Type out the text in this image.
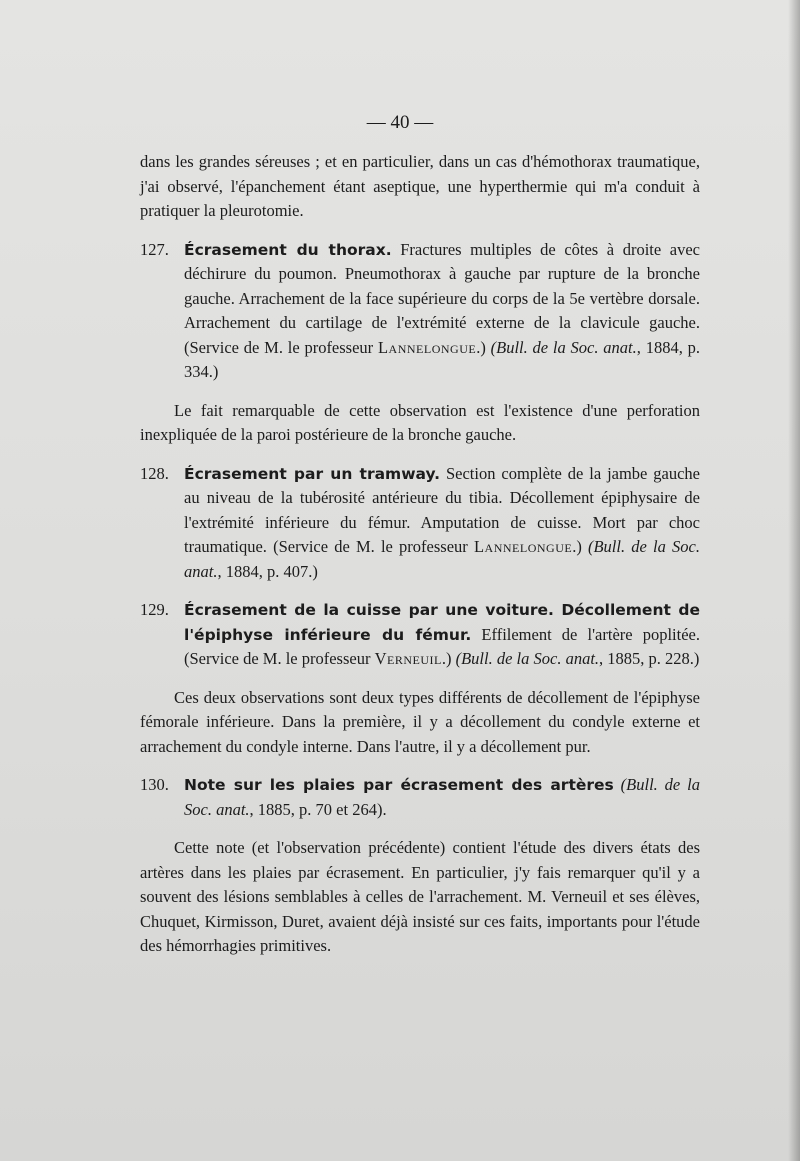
— 40 —

dans les grandes séreuses ; et en particulier, dans un cas d'hémothorax traumatique, j'ai observé, l'épanchement étant aseptique, une hyperthermie qui m'a conduit à pratiquer la pleurotomie.

127. Écrasement du thorax. Fractures multiples de côtes à droite avec déchirure du poumon. Pneumothorax à gauche par rupture de la bronche gauche. Arrachement de la face supérieure du corps de la 5e vertèbre dorsale. Arrachement du cartilage de l'extrémité externe de la clavicule gauche. (Service de M. le professeur Lannelongue.) (Bull. de la Soc. anat., 1884, p. 334.)

Le fait remarquable de cette observation est l'existence d'une perforation inexpliquée de la paroi postérieure de la bronche gauche.

128. Écrasement par un tramway. Section complète de la jambe gauche au niveau de la tubérosité antérieure du tibia. Décollement épiphysaire de l'extrémité inférieure du fémur. Amputation de cuisse. Mort par choc traumatique. (Service de M. le professeur Lannelongue.) (Bull. de la Soc. anat., 1884, p. 407.)
129. Écrasement de la cuisse par une voiture. Décollement de l'épiphyse inférieure du fémur. Effilement de l'artère poplitée. (Service de M. le professeur Verneuil.) (Bull. de la Soc. anat., 1885, p. 228.)

Ces deux observations sont deux types différents de décollement de l'épiphyse fémorale inférieure. Dans la première, il y a décollement du condyle externe et arrachement du condyle interne. Dans l'autre, il y a décollement pur.

130. Note sur les plaies par écrasement des artères (Bull. de la Soc. anat., 1885, p. 70 et 264).

Cette note (et l'observation précédente) contient l'étude des divers états des artères dans les plaies par écrasement. En particulier, j'y fais remarquer qu'il y a souvent des lésions semblables à celles de l'arrachement. M. Verneuil et ses élèves, Chuquet, Kirmisson, Duret, avaient déjà insisté sur ces faits, importants pour l'étude des hémorrhagies primitives.
